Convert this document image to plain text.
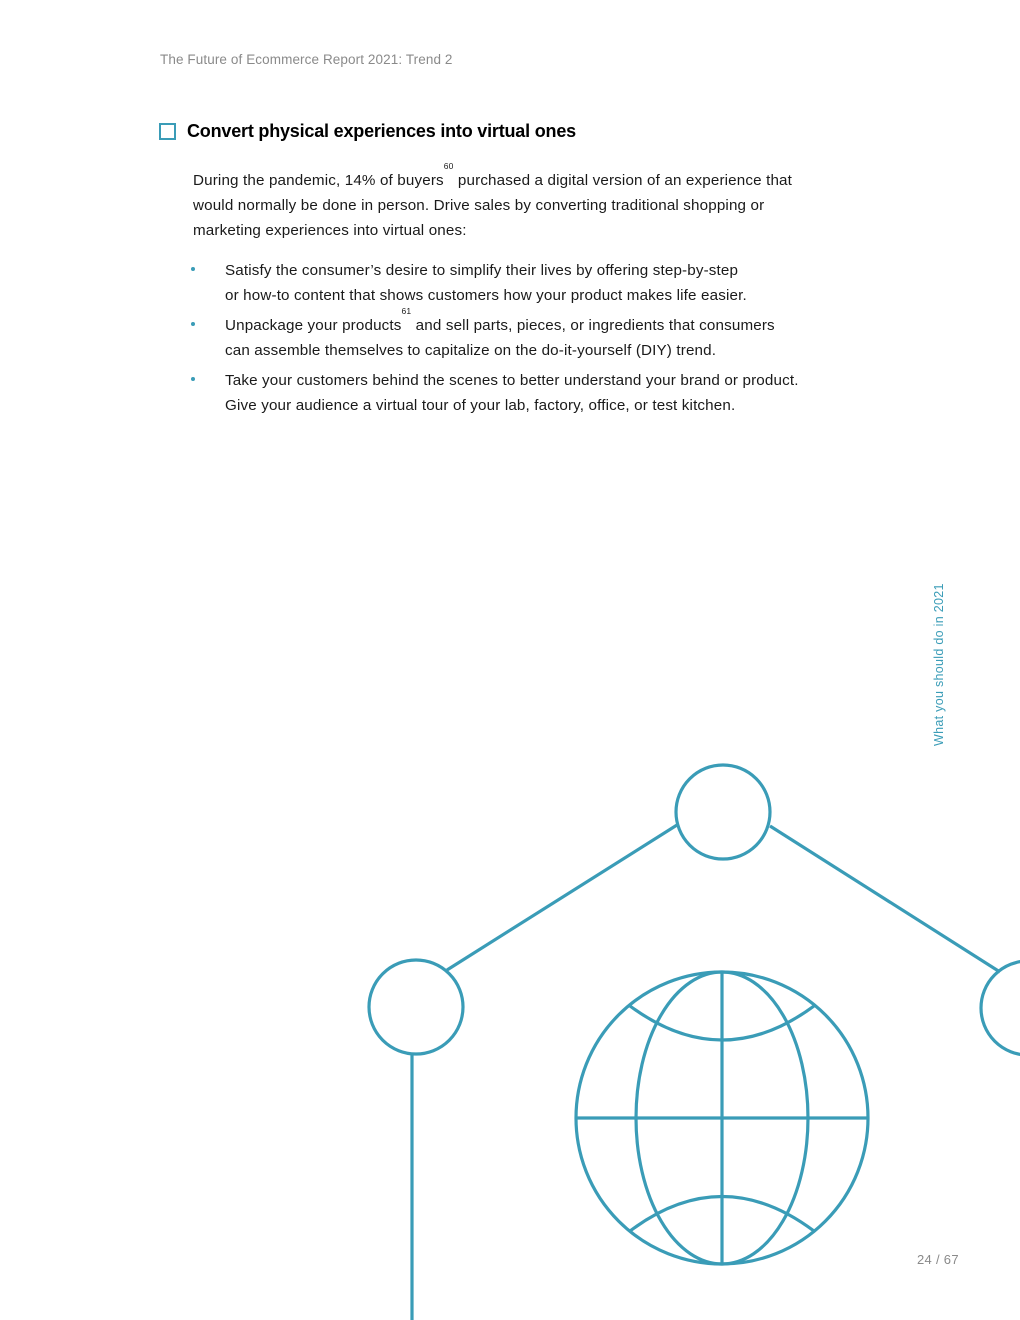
The Future of Ecommerce Report 2021: Trend 2
Convert physical experiences into virtual ones
During the pandemic, 14% of buyers$^{60}$ purchased a digital version of an experience that
would normally be done in person. Drive sales by converting traditional shopping or
marketing experiences into virtual ones:
Satisfy the consumer’s desire to simplify their lives by offering step-by-step
or how-to content that shows customers how your product makes life easier.
Unpackage your products$^{61}$ and sell parts, pieces, or ingredients that consumers
can assemble themselves to capitalize on the do-it-yourself (DIY) trend.
Take your customers behind the scenes to better understand your brand or product.
Give your audience a virtual tour of your lab, factory, office, or test kitchen.
What you should do in 2021
24 / 67
